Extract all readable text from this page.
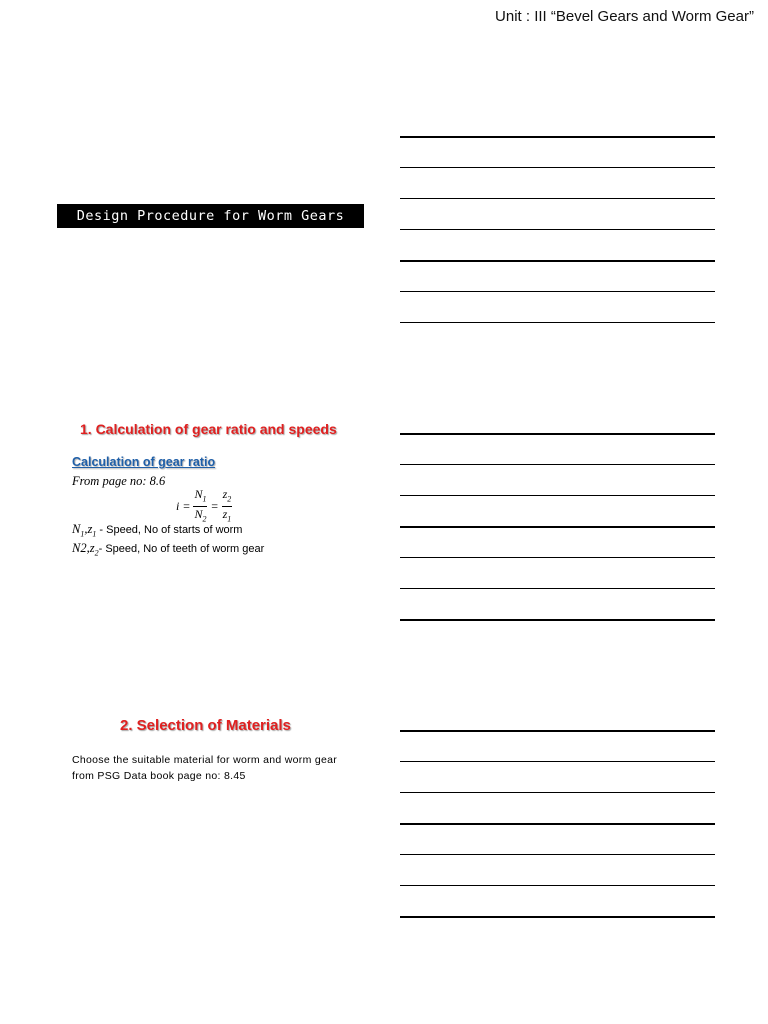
Unit : III “Bevel Gears and Worm Gear”
Design Procedure for Worm Gears
1. Calculation of gear ratio and speeds
Calculation of gear ratio
From page no: 8.6
$i = \frac{N_1}{N_2} = \frac{z_2}{z_1}$
$N_1,z_1$ - Speed, No of starts of worm
$N2,z_2-$ Speed, No of teeth of worm gear
2. Selection of Materials
Choose the suitable material for worm and worm gear from PSG Data book page no: 8.45
